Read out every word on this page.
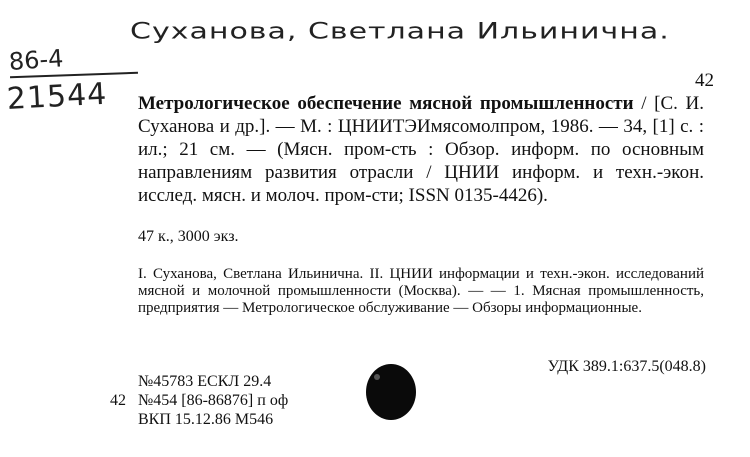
Суханова, Светлана Ильинична.
86-4
21544	42

Метрологическое обеспечение мясной промышленности / [С. И. Суханова и др.]. — М. : ЦНИИТЭИмясомолпром, 1986. — 34, [1] с. : ил.; 21 см. — (Мясн. пром-сть : Обзор. информ. по основным направлениям развития отрасли / ЦНИИ информ. и техн.-экон. исслед. мясн. и молоч. пром-сти; ISSN 0135-4426).

47 к., 3000 экз.

I. Суханова, Светлана Ильинична. II. ЦНИИ информации и техн.-экон. исследований мясной и молочной промышленности (Москва). — — 1. Мясная промышленность, предприятия — Метрологическое обслуживание — Обзоры информационные.

УДК 389.1:637.5(048.8)
№45783 ЕСКЛ 29.4
42 №454 [86-86876] п оф
ВКП 15.12.86 М546
